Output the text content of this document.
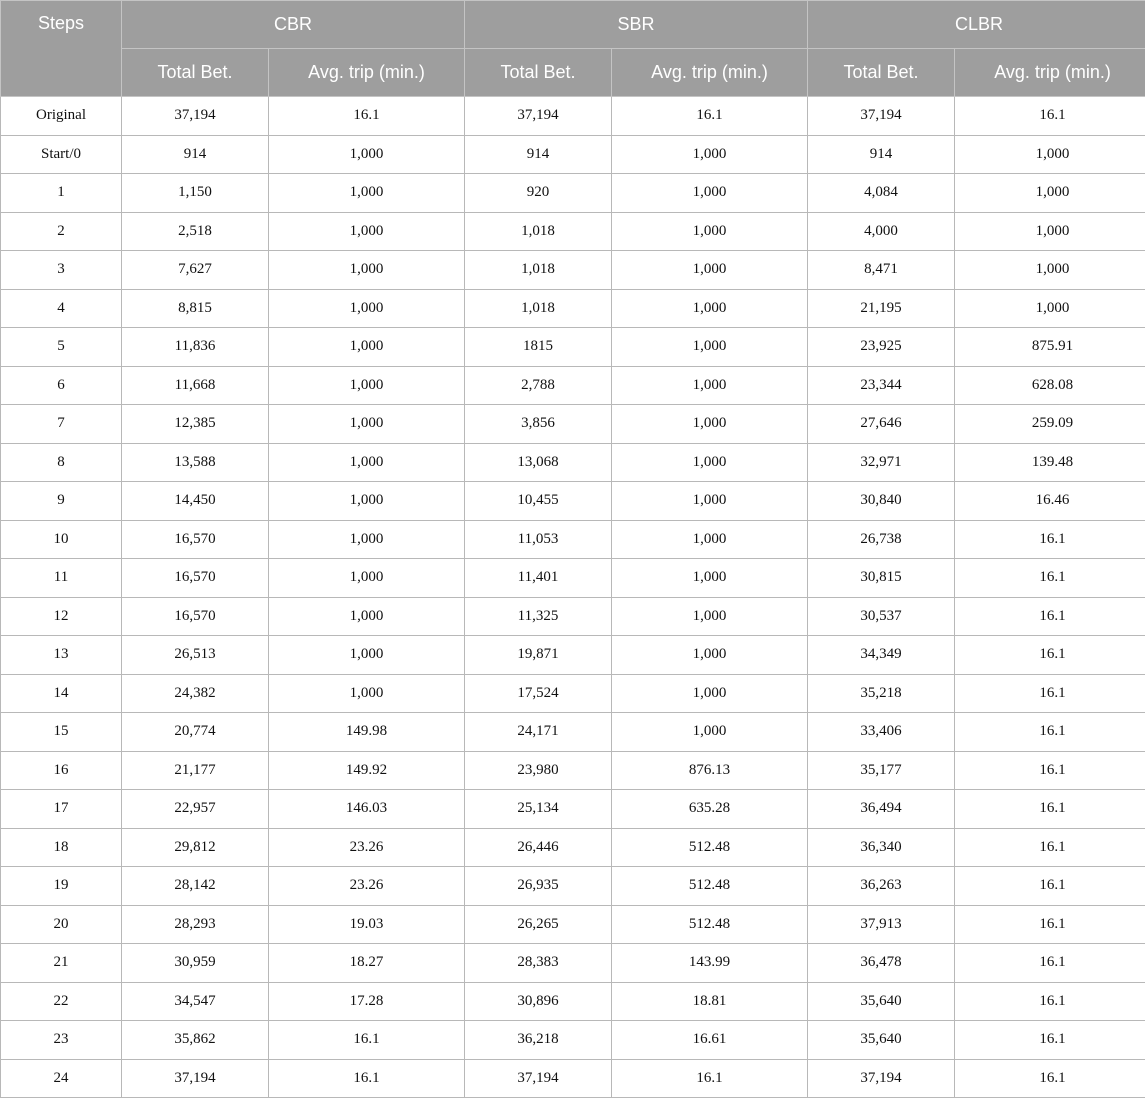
Steps	CBR		SBR		CLBR	
	Total Bet.	Avg. trip (min.)	Total Bet.	Avg. trip (min.)	Total Bet.	Avg. trip (min.)
Original	37,194	16.1	37,194	16.1	37,194	16.1
Start/0	914	1,000	914	1,000	914	1,000
1	1,150	1,000	920	1,000	4,084	1,000
2	2,518	1,000	1,018	1,000	4,000	1,000
3	7,627	1,000	1,018	1,000	8,471	1,000
4	8,815	1,000	1,018	1,000	21,195	1,000
5	11,836	1,000	1815	1,000	23,925	875.91
6	11,668	1,000	2,788	1,000	23,344	628.08
7	12,385	1,000	3,856	1,000	27,646	259.09
8	13,588	1,000	13,068	1,000	32,971	139.48
9	14,450	1,000	10,455	1,000	30,840	16.46
10	16,570	1,000	11,053	1,000	26,738	16.1
11	16,570	1,000	11,401	1,000	30,815	16.1
12	16,570	1,000	11,325	1,000	30,537	16.1
13	26,513	1,000	19,871	1,000	34,349	16.1
14	24,382	1,000	17,524	1,000	35,218	16.1
15	20,774	149.98	24,171	1,000	33,406	16.1
16	21,177	149.92	23,980	876.13	35,177	16.1
17	22,957	146.03	25,134	635.28	36,494	16.1
18	29,812	23.26	26,446	512.48	36,340	16.1
19	28,142	23.26	26,935	512.48	36,263	16.1
20	28,293	19.03	26,265	512.48	37,913	16.1
21	30,959	18.27	28,383	143.99	36,478	16.1
22	34,547	17.28	30,896	18.81	35,640	16.1
23	35,862	16.1	36,218	16.61	35,640	16.1
24	37,194	16.1	37,194	16.1	37,194	16.1
